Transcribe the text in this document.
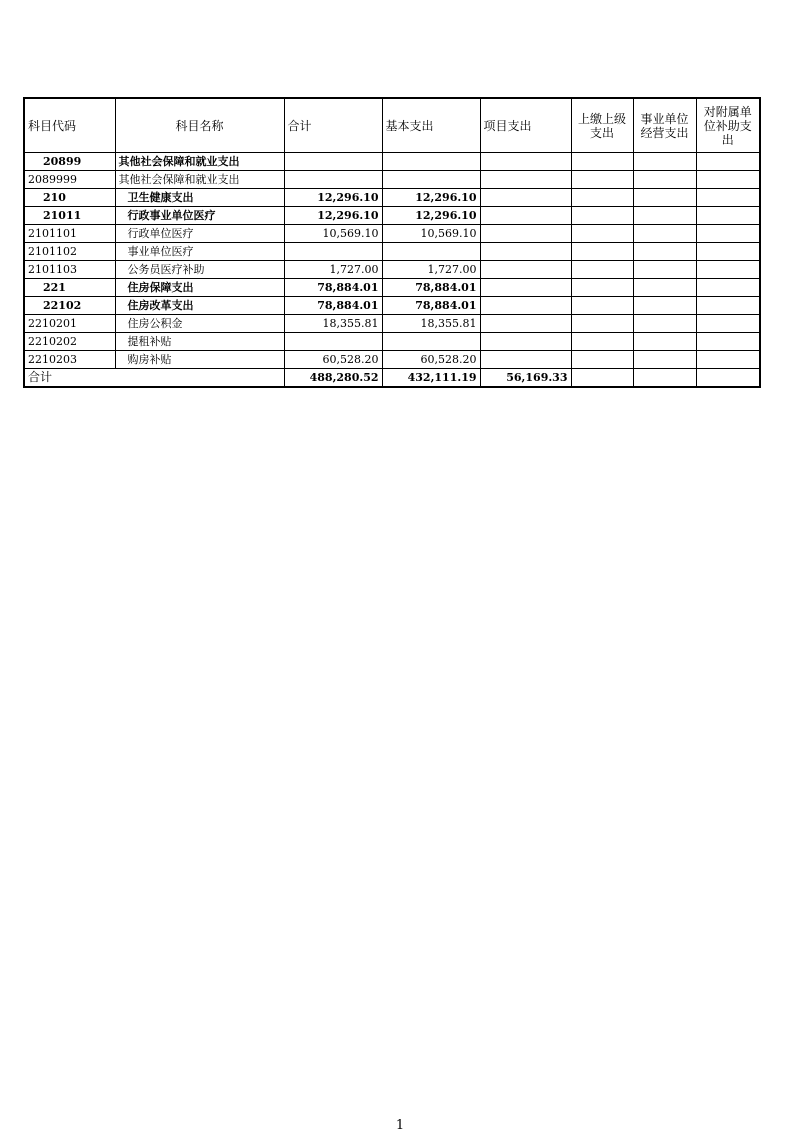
科目代码	科目名称	合计	基本支出	项目支出	上缴上级支出	事业单位经营支出	对附属单位补助支出
20899	其他社会保障和就业支出						
2089999	其他社会保障和就业支出						
210	卫生健康支出	12,296.10	12,296.10				
21011	行政事业单位医疗	12,296.10	12,296.10				
2101101	行政单位医疗	10,569.10	10,569.10				
2101102	事业单位医疗						
2101103	公务员医疗补助	1,727.00	1,727.00				
221	住房保障支出	78,884.01	78,884.01				
22102	住房改革支出	78,884.01	78,884.01				
2210201	住房公积金	18,355.81	18,355.81				
2210202	提租补贴						
2210203	购房补贴	60,528.20	60,528.20				
合计		488,280.52	432,111.19	56,169.33			
1
